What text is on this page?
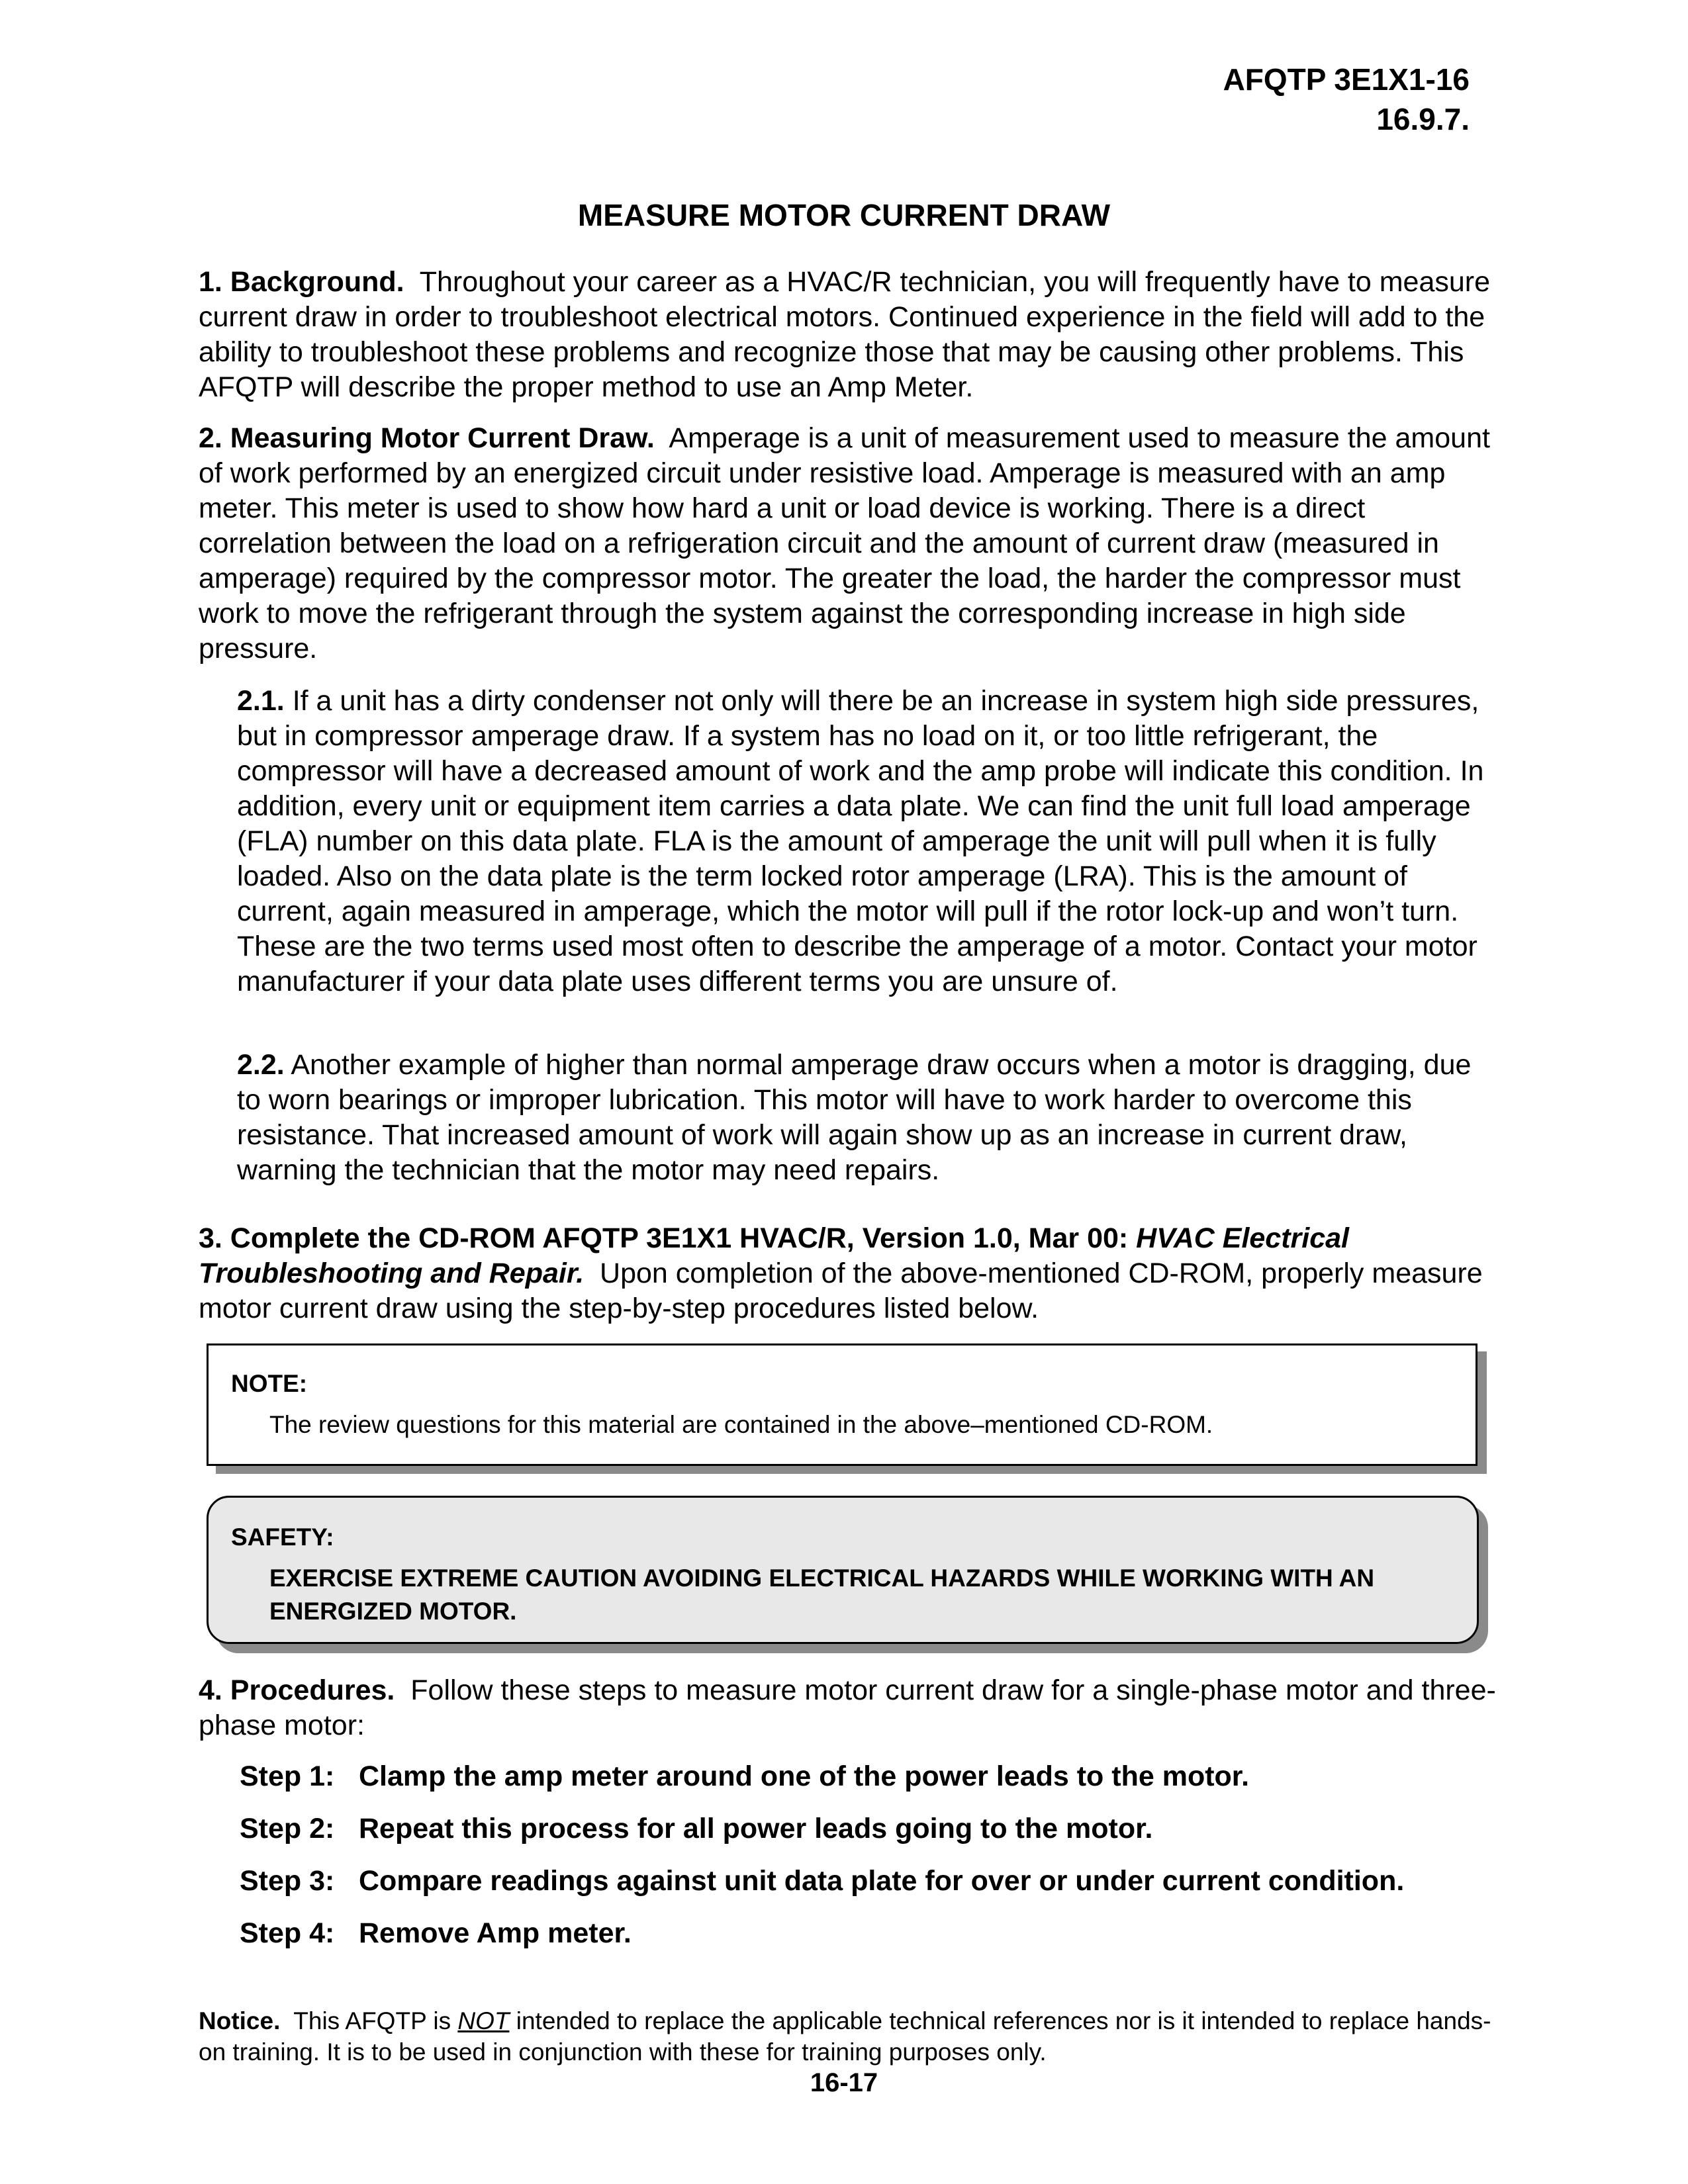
AFQTP 3E1X1-16
16.9.7.
MEASURE MOTOR CURRENT DRAW
1. Background. Throughout your career as a HVAC/R technician, you will frequently have to measure current draw in order to troubleshoot electrical motors. Continued experience in the field will add to the ability to troubleshoot these problems and recognize those that may be causing other problems. This AFQTP will describe the proper method to use an Amp Meter.
2. Measuring Motor Current Draw. Amperage is a unit of measurement used to measure the amount of work performed by an energized circuit under resistive load. Amperage is measured with an amp meter. This meter is used to show how hard a unit or load device is working. There is a direct correlation between the load on a refrigeration circuit and the amount of current draw (measured in amperage) required by the compressor motor. The greater the load, the harder the compressor must work to move the refrigerant through the system against the corresponding increase in high side pressure.
2.1. If a unit has a dirty condenser not only will there be an increase in system high side pressures, but in compressor amperage draw. If a system has no load on it, or too little refrigerant, the compressor will have a decreased amount of work and the amp probe will indicate this condition. In addition, every unit or equipment item carries a data plate. We can find the unit full load amperage (FLA) number on this data plate. FLA is the amount of amperage the unit will pull when it is fully loaded. Also on the data plate is the term locked rotor amperage (LRA). This is the amount of current, again measured in amperage, which the motor will pull if the rotor lock-up and won’t turn. These are the two terms used most often to describe the amperage of a motor. Contact your motor manufacturer if your data plate uses different terms you are unsure of.
2.2. Another example of higher than normal amperage draw occurs when a motor is dragging, due to worn bearings or improper lubrication. This motor will have to work harder to overcome this resistance. That increased amount of work will again show up as an increase in current draw, warning the technician that the motor may need repairs.
3. Complete the CD-ROM AFQTP 3E1X1 HVAC/R, Version 1.0, Mar 00: HVAC Electrical Troubleshooting and Repair. Upon completion of the above-mentioned CD-ROM, properly measure motor current draw using the step-by-step procedures listed below.
NOTE:
The review questions for this material are contained in the above–mentioned CD-ROM.
SAFETY:
EXERCISE EXTREME CAUTION AVOIDING ELECTRICAL HAZARDS WHILE WORKING WITH AN ENERGIZED MOTOR.
4. Procedures. Follow these steps to measure motor current draw for a single-phase motor and three-phase motor:
Step 1: Clamp the amp meter around one of the power leads to the motor.
Step 2: Repeat this process for all power leads going to the motor.
Step 3: Compare readings against unit data plate for over or under current condition.
Step 4: Remove Amp meter.
Notice. This AFQTP is NOT intended to replace the applicable technical references nor is it intended to replace hands-on training. It is to be used in conjunction with these for training purposes only.
16-17
